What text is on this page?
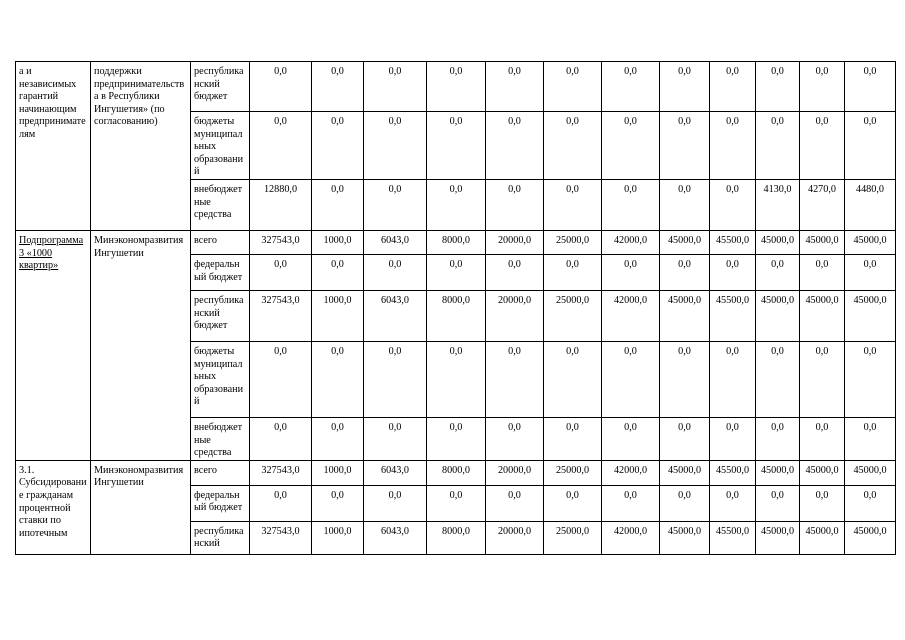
а и независимых гарантий начинающим предпринимателям	поддержки предпринимательства в Республики Ингушетия» (по согласованию)	республиканский бюджет	0,0	0,0	0,0	0,0	0,0	0,0	0,0	0,0	0,0	0,0	0,0	0,0
		бюджеты муниципальных образований	0,0	0,0	0,0	0,0	0,0	0,0	0,0	0,0	0,0	0,0	0,0	0,0
		внебюджетные средства	12880,0	0,0	0,0	0,0	0,0	0,0	0,0	0,0	0,0	4130,0	4270,0	4480,0
Подпрограмма 3 «1000 квартир»	Минэкономразвития Ингушетии	всего	327543,0	1000,0	6043,0	8000,0	20000,0	25000,0	42000,0	45000,0	45500,0	45000,0	45000,0	45000,0
		федеральный бюджет	0,0	0,0	0,0	0,0	0,0	0,0	0,0	0,0	0,0	0,0	0,0	0,0
		республиканский бюджет	327543,0	1000,0	6043,0	8000,0	20000,0	25000,0	42000,0	45000,0	45500,0	45000,0	45000,0	45000,0
		бюджеты муниципальных образований	0,0	0,0	0,0	0,0	0,0	0,0	0,0	0,0	0,0	0,0	0,0	0,0
		внебюджетные средства	0,0	0,0	0,0	0,0	0,0	0,0	0,0	0,0	0,0	0,0	0,0	0,0
3.1. Субсидирование гражданам процентной ставки по ипотечным	Минэкономразвития Ингушетии	всего	327543,0	1000,0	6043,0	8000,0	20000,0	25000,0	42000,0	45000,0	45500,0	45000,0	45000,0	45000,0
		федеральный бюджет	0,0	0,0	0,0	0,0	0,0	0,0	0,0	0,0	0,0	0,0	0,0	0,0
		республиканский	327543,0	1000,0	6043,0	8000,0	20000,0	25000,0	42000,0	45000,0	45500,0	45000,0	45000,0	45000,0
